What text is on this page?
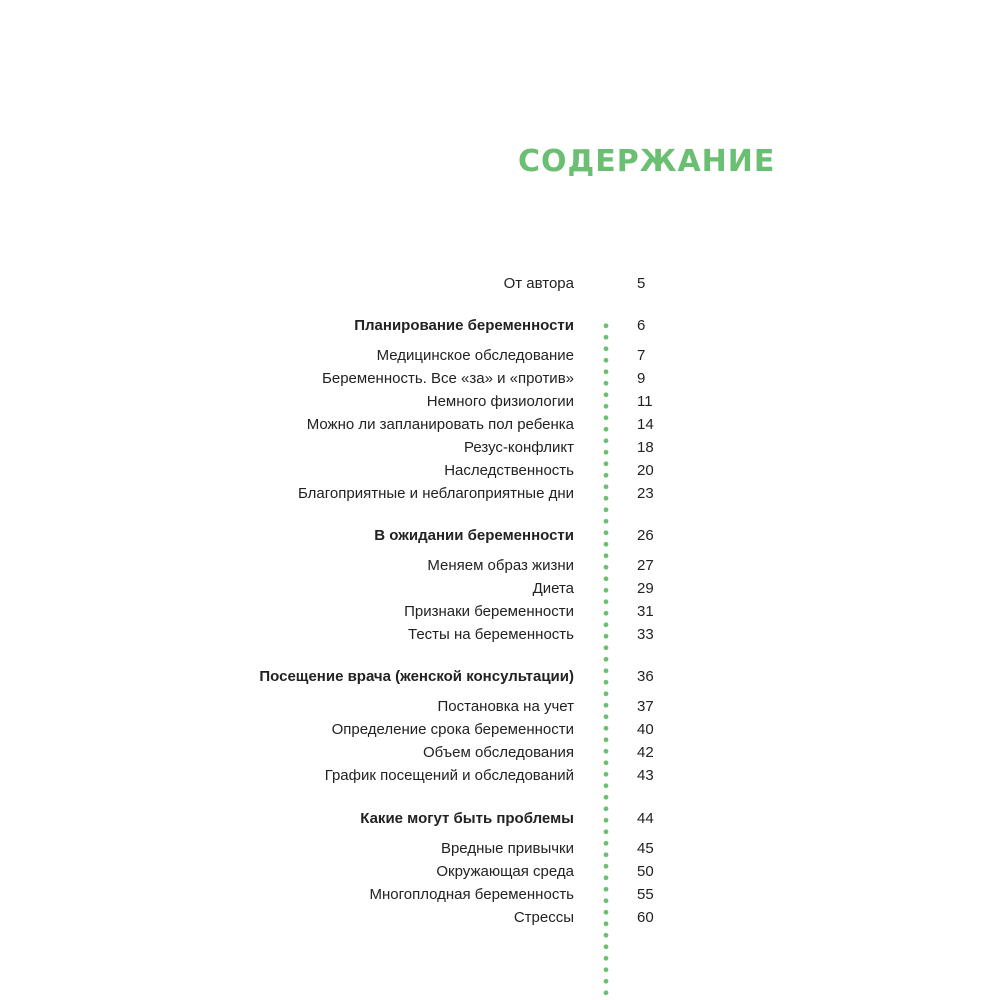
СОДЕРЖАНИЕ
От автора	5
Планирование беременности	6
Медицинское обследование	7
Беременность. Все «за» и «против»	9
Немного физиологии	11
Можно ли запланировать пол ребенка	14
Резус-конфликт	18
Наследственность	20
Благоприятные и неблагоприятные дни	23
В ожидании беременности	26
Меняем образ жизни	27
Диета	29
Признаки беременности	31
Тесты на беременность	33
Посещение врача (женской консультации)	36
Постановка на учет	37
Определение срока беременности	40
Объем обследования	42
График посещений и обследований	43
Какие могут быть проблемы	44
Вредные привычки	45
Окружающая среда	50
Многоплодная беременность	55
Стрессы	60
